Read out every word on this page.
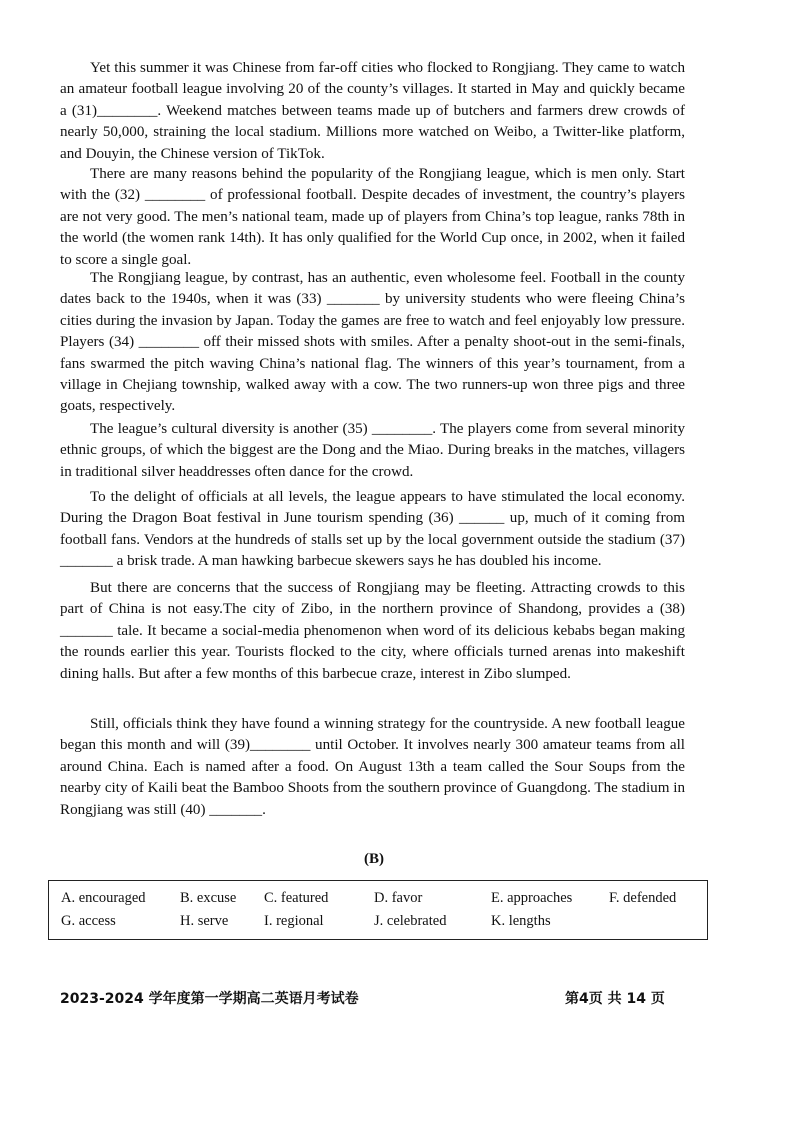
Yet this summer it was Chinese from far-off cities who flocked to Rongjiang. They came to watch an amateur football league involving 20 of the county’s villages. It started in May and quickly became a (31)________. Weekend matches between teams made up of butchers and farmers drew crowds of nearly 50,000, straining the local stadium. Millions more watched on Weibo, a Twitter-like platform, and Douyin, the Chinese version of TikTok.

There are many reasons behind the popularity of the Rongjiang league, which is men only. Start with the (32) ________ of professional football. Despite decades of investment, the country’s players are not very good. The men’s national team, made up of players from China’s top league, ranks 78th in the world (the women rank 14th). It has only qualified for the World Cup once, in 2002, when it failed to score a single goal.

The Rongjiang league, by contrast, has an authentic, even wholesome feel. Football in the county dates back to the 1940s, when it was (33) _______ by university students who were fleeing China’s cities during the invasion by Japan. Today the games are free to watch and feel enjoyably low pressure. Players (34) ________ off their missed shots with smiles. After a penalty shoot-out in the semi-finals, fans swarmed the pitch waving China’s national flag. The winners of this year’s tournament, from a village in Chejiang township, walked away with a cow. The two runners-up won three pigs and three goats, respectively.

The league’s cultural diversity is another (35) ________. The players come from several minority ethnic groups, of which the biggest are the Dong and the Miao. During breaks in the matches, villagers in traditional silver headdresses often dance for the crowd.

To the delight of officials at all levels, the league appears to have stimulated the local economy. During the Dragon Boat festival in June tourism spending (36) ______ up, much of it coming from football fans. Vendors at the hundreds of stalls set up by the local government outside the stadium (37) _______ a brisk trade. A man hawking barbecue skewers says he has doubled his income.

But there are concerns that the success of Rongjiang may be fleeting. Attracting crowds to this part of China is not easy.The city of Zibo, in the northern province of Shandong, provides a (38) _______ tale. It became a social-media phenomenon when word of its delicious kebabs began making the rounds earlier this year. Tourists flocked to the city, where officials turned arenas into makeshift dining halls. But after a few months of this barbecue craze, interest in Zibo slumped.

Still, officials think they have found a winning strategy for the countryside. A new football league began this month and will (39)________ until October. It involves nearly 300 amateur teams from all around China. Each is named after a food. On August 13th a team called the Sour Soups from the nearby city of Kaili beat the Bamboo Shoots from the southern province of Guangdong. The stadium in Rongjiang was still (40) _______.

(B)
A. encouraged B. excuse C. featured	D. favor	E. approaches	F. defended
G. access	H. serve I. regional	J. celebrated	K. lengths
2023-2024 学年度第一学期高二英语月考试卷	第4页 共 14 页
